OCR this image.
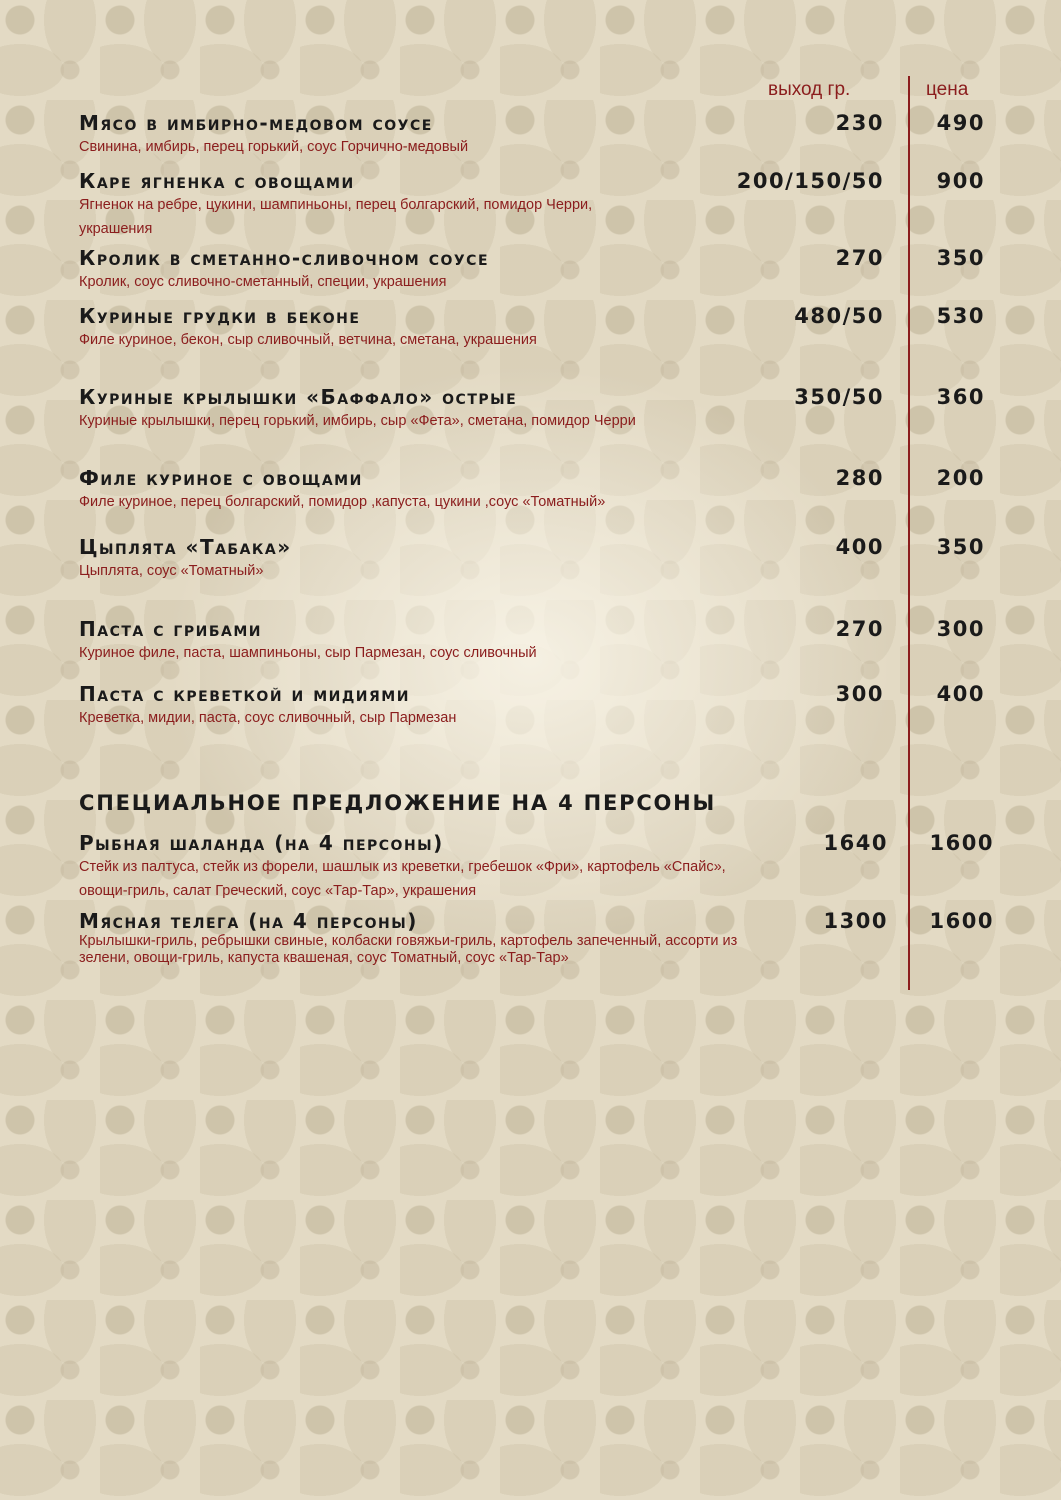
выход гр.	цена
Мясо в имбирно-медовом соусе
Свинина, имбирь, перец горький, соус Горчично-медовый
230	490
Каре ягненка с овощами
Ягненок на ребре, цукини, шампиньоны, перец болгарский, помидор Черри, украшения
200/150/50	900
Кролик в сметанно-сливочном соусе
Кролик, соус сливочно-сметанный, специи, украшения
270	350
Куриные грудки в беконе
Филе куриное, бекон, сыр сливочный, ветчина, сметана, украшения
480/50	530
Куриные крылышки «Баффало» острые
Куриные крылышки, перец горький, имбирь, сыр «Фета», сметана, помидор Черри
350/50	360
Филе куриное с овощами
Филе куриное, перец болгарский, помидор ,капуста, цукини ,соус «Томатный»
280	200
Цыплята «Табака»
Цыплята, соус «Томатный»
400	350
Паста с грибами
Куриное филе, паста, шампиньоны, сыр Пармезан, соус сливочный
270	300
Паста с креветкой и мидиями
Креветка, мидии, паста, соус сливочный, сыр Пармезан
300	400
СПЕЦИАЛЬНОЕ ПРЕДЛОЖЕНИЕ НА 4 ПЕРСОНЫ
Рыбная шаланда (на 4 персоны)
Стейк из палтуса, стейк из форели, шашлык из креветки, гребешок «Фри», картофель «Спайс», овощи-гриль, салат Греческий, соус «Тар-Тар», украшения
1640 1600
Мясная телега (на 4 персоны)
Крылышки-гриль, ребрышки свиные, колбаски говяжьи-гриль, картофель запеченный, ассорти из зелени, овощи-гриль, капуста квашеная, соус Томатный, соус «Тар-Тар»
1300 1600
